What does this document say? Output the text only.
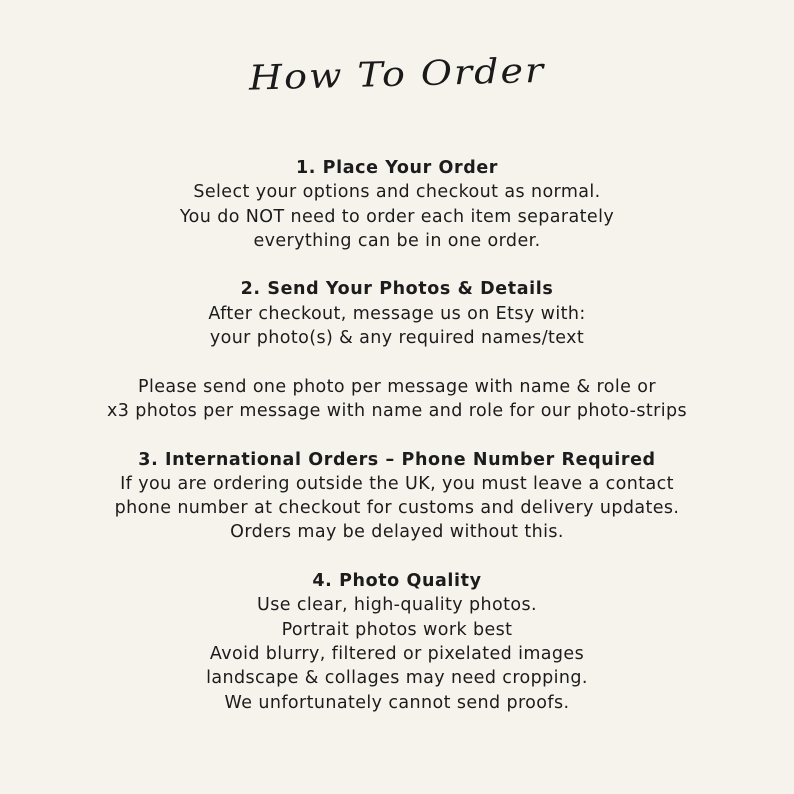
How To Order
1. Place Your Order
Select your options and checkout as normal.
You do NOT need to order each item separately
everything can be in one order.
2. Send Your Photos & Details
After checkout, message us on Etsy with:
your photo(s) & any required names/text
Please send one photo per message with name & role or
x3 photos per message with name and role for our photo-strips
3. International Orders – Phone Number Required
If you are ordering outside the UK, you must leave a contact
phone number at checkout for customs and delivery updates.
Orders may be delayed without this.
4. Photo Quality
Use clear, high-quality photos.
Portrait photos work best
Avoid blurry, filtered or pixelated images
landscape & collages may need cropping.
We unfortunately cannot send proofs.
